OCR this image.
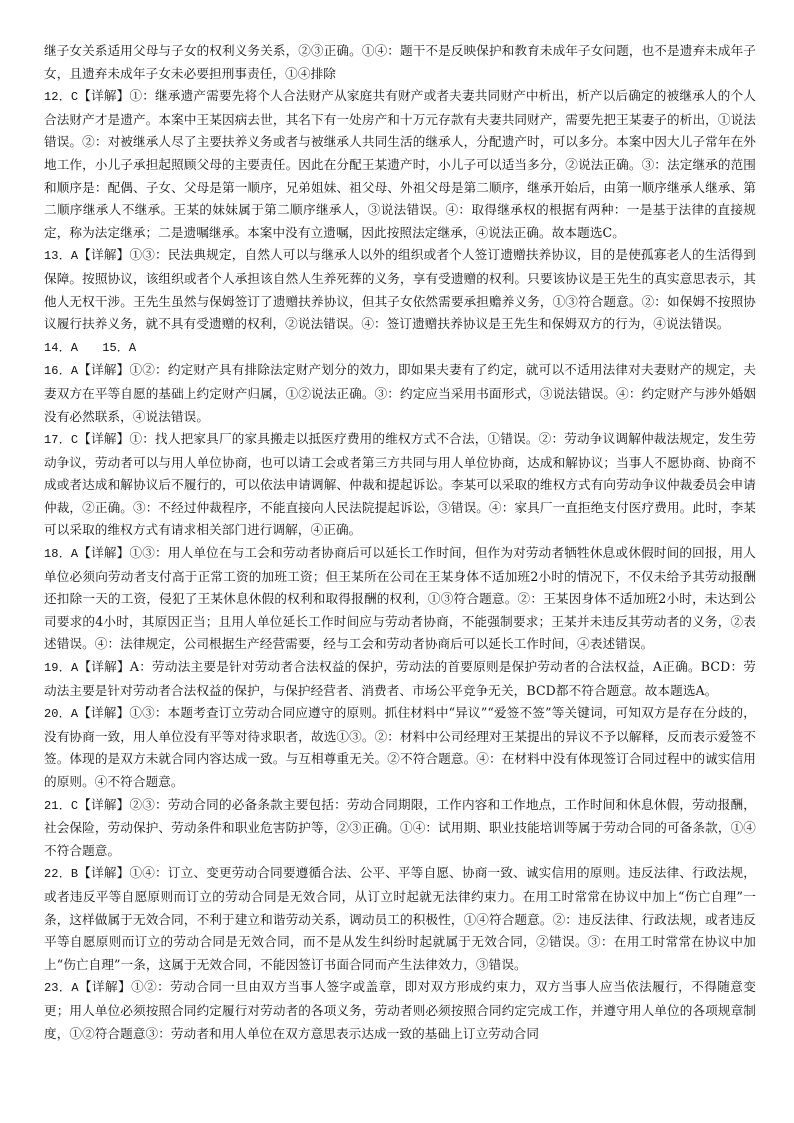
继子女关系适用父母与子女的权利义务关系，②③正确。①④：题干不是反映保护和教育未成年子女问题，也不是遗弃未成年子女，且遗弃未成年子女未必要担刑事责任，①④排除

12．C【详解】①：继承遗产需要先将个人合法财产从家庭共有财产或者夫妻共同财产中析出，析产以后确定的被继承人的个人合法财产才是遗产。本案中王某因病去世，其名下有一处房产和十万元存款有夫妻共同财产，需要先把王某妻子的析出，①说法错误。②：对被继承人尽了主要扶养义务或者与被继承人共同生活的继承人，分配遗产时，可以多分。本案中因大儿子常年在外地工作，小儿子承担起照顾父母的主要责任。因此在分配王某遗产时，小儿子可以适当多分，②说法正确。③：法定继承的范围和顺序是：配偶、子女、父母是第一顺序，兄弟姐妹、祖父母、外祖父母是第二顺序，继承开始后，由第一顺序继承人继承、第二顺序继承人不继承。王某的妹妹属于第二顺序继承人，③说法错误。④：取得继承权的根据有两种：一是基于法律的直接规定，称为法定继承；二是遗嘱继承。本案中没有立遗嘱，因此按照法定继承，④说法正确。故本题选C。

13．A【详解】①③：民法典规定，自然人可以与继承人以外的组织或者个人签订遗赠扶养协议，目的是使孤寡老人的生活得到保障。按照协议，该组织或者个人承担该自然人生养死葬的义务，享有受遗赠的权利。只要该协议是王先生的真实意思表示，其他人无权干涉。王先生虽然与保姆签订了遗赠扶养协议，但其子女依然需要承担赡养义务，①③符合题意。②：如保姆不按照协议履行扶养义务，就不具有受遗赠的权利，②说法错误。④：签订遗赠扶养协议是王先生和保姆双方的行为，④说法错误。

14．A　　15．A

16．A【详解】①②：约定财产具有排除法定财产划分的效力，即如果夫妻有了约定，就可以不适用法律对夫妻财产的规定，夫妻双方在平等自愿的基础上约定财产归属，①②说法正确。③：约定应当采用书面形式，③说法错误。④：约定财产与涉外婚姻没有必然联系，④说法错误。

17．C【详解】①：找人把家具厂的家具搬走以抵医疗费用的维权方式不合法，①错误。②：劳动争议调解仲裁法规定，发生劳动争议，劳动者可以与用人单位协商，也可以请工会或者第三方共同与用人单位协商，达成和解协议；当事人不愿协商、协商不成或者达成和解协议后不履行的，可以依法申请调解、仲裁和提起诉讼。李某可以采取的维权方式有向劳动争议仲裁委员会申请仲裁，②正确。③：不经过仲裁程序，不能直接向人民法院提起诉讼，③错误。④：家具厂一直拒绝支付医疗费用。此时，李某可以采取的维权方式有请求相关部门进行调解，④正确。

18．A【详解】①③：用人单位在与工会和劳动者协商后可以延长工作时间，但作为对劳动者牺牲休息或休假时间的回报，用人单位必须向劳动者支付高于正常工资的加班工资；但王某所在公司在王某身体不适加班2小时的情况下，不仅未给予其劳动报酬还扣除一天的工资，侵犯了王某休息休假的权利和取得报酬的权利，①③符合题意。②：王某因身体不适加班2小时，未达到公司要求的4小时，其原因正当；且用人单位延长工作时间应与劳动者协商，不能强制要求；王某并未违反其劳动者的义务，②表述错误。④：法律规定，公司根据生产经营需要，经与工会和劳动者协商后可以延长工作时间，④表述错误。

19．A【详解】A：劳动法主要是针对劳动者合法权益的保护，劳动法的首要原则是保护劳动者的合法权益，A正确。BCD：劳动法主要是针对劳动者合法权益的保护，与保护经营者、消费者、市场公平竞争无关，BCD都不符合题意。故本题选A。

20．A【详解】①③：本题考查订立劳动合同应遵守的原则。抓住材料中“异议”“爱签不签”等关键词，可知双方是存在分歧的，没有协商一致，用人单位没有平等对待求职者，故选①③。②：材料中公司经理对王某提出的异议不予以解释，反而表示爱签不签。体现的是双方未就合同内容达成一致。与互相尊重无关。②不符合题意。④：在材料中没有体现签订合同过程中的诚实信用的原则。④不符合题意。

21．C【详解】②③：劳动合同的必备条款主要包括：劳动合同期限，工作内容和工作地点，工作时间和休息休假，劳动报酬，社会保险，劳动保护、劳动条件和职业危害防护等，②③正确。①④：试用期、职业技能培训等属于劳动合同的可备条款，①④不符合题意。

22．B【详解】①④：订立、变更劳动合同要遵循合法、公平、平等自愿、协商一致、诚实信用的原则。违反法律、行政法规，或者违反平等自愿原则而订立的劳动合同是无效合同，从订立时起就无法律约束力。在用工时常常在协议中加上“伤亡自理”一条，这样做属于无效合同，不利于建立和谐劳动关系，调动员工的积极性，①④符合题意。②：违反法律、行政法规，或者违反平等自愿原则而订立的劳动合同是无效合同，而不是从发生纠纷时起就属于无效合同，②错误。③：在用工时常常在协议中加上“伤亡自理”一条，这属于无效合同，不能因签订书面合同而产生法律效力，③错误。

23．A【详解】①②：劳动合同一旦由双方当事人签字或盖章，即对双方形成约束力，双方当事人应当依法履行，不得随意变更；用人单位必须按照合同约定履行对劳动者的各项义务，劳动者则必须按照合同约定完成工作，并遵守用人单位的各项规章制度，①②符合题意③：劳动者和用人单位在双方意思表示达成一致的基础上订立劳动合同
